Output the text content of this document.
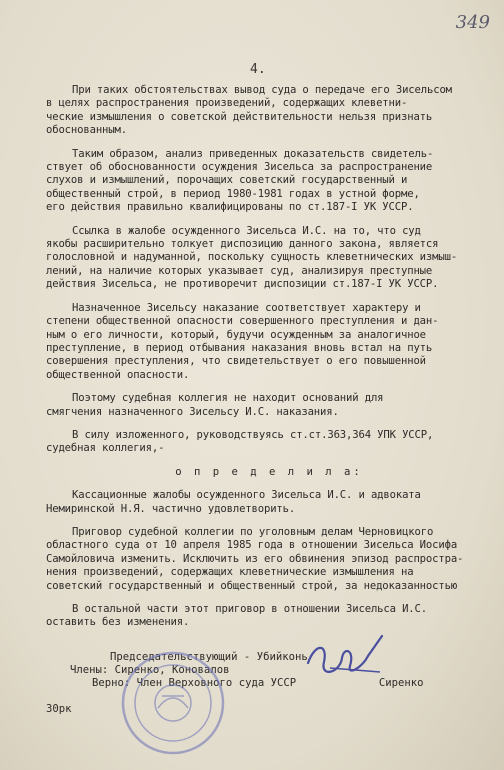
349
4.
При таких обстоятельствах вывод суда о передаче его Зисельсом
в целях распространения произведений, содержащих клеветни-
ческие измышления о советской действительности нельзя признать
обоснованным.
Таким образом, анализ приведенных доказательств свидетель-
ствует об обоснованности осуждения Зисельса за распространение
слухов и измышлений, порочащих советский государственный и
общественный строй, в период 1980-1981 годах в устной форме,
его действия правильно квалифицированы по ст.187-I УК УССР.
Ссылка в жалобе осужденного Зисельса И.С. на то, что суд
якобы расширительно толкует диспозицию данного закона, является
голословной и надуманной, поскольку сущность клеветнических измыш-
лений, на наличие которых указывает суд, анализируя преступные
действия Зисельса, не противоречит диспозиции ст.187-I УК УССР.
Назначенное Зисельсу наказание соответствует характеру и
степени общественной опасности совершенного преступления и дан-
ным о его личности, который, будучи осужденным за аналогичное
преступление, в период отбывания наказания вновь встал на путь
совершения преступления, что свидетельствует о его повышенной
общественной опасности.
Поэтому судебная коллегия не находит оснований для
смягчения назначенного Зисельсу И.С. наказания.
В силу изложенного, руководствуясь ст.ст.363,364 УПК УССР,
судебная коллегия,-
о п р е д е л и л а:
Кассационные жалобы осужденного Зисельса И.С. и адвоката
Немиринской Н.Я. частично удовлетворить.
Приговор судебной коллегии по уголовным делам Черновицкого
областного суда от 10 апреля 1985 года в отношении Зисельса Иосифа
Самойловича изменить. Исключить из его обвинения эпизод распростра-
нения произведений, содержащих клеветнические измышления на
советский государственный и общественный строй, за недоказанностью
В остальной части этот приговор в отношении Зисельса И.С.
оставить без изменения.
Председательствующий - Убийконь
Члены: Сиренко, Коновалов
Верно: Член Верховного суда УССР	Сиренко
30рк
